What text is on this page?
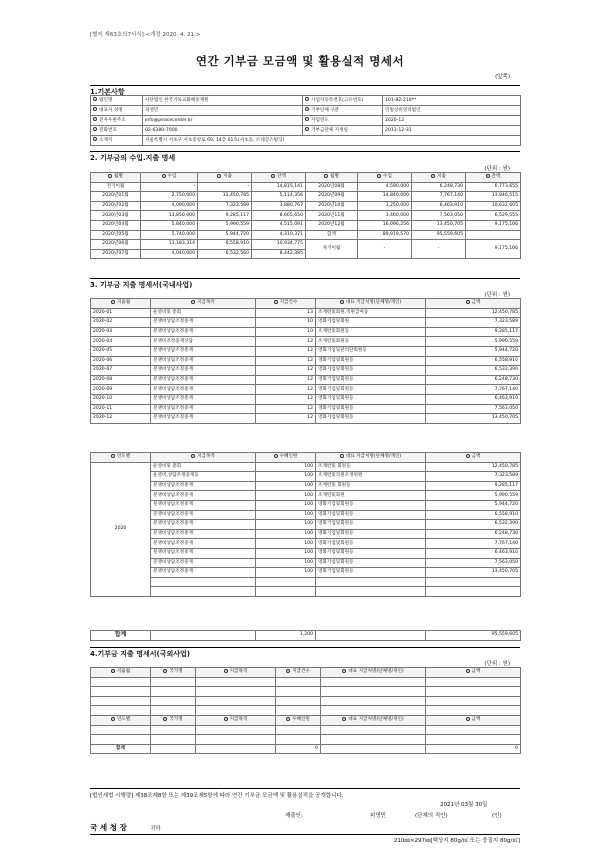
[별지 제63호의7서식] <개정 2020. 4. 21.>
연간 기부금 모금액 및 활용실적 명세서
(앞쪽)
1.기본사항
법인명	사단법인 한국기독교화해중재원	사업자등록번호(고유번호)	101-82-210**
대표자 성명	피영민	기부단체 구분	민법상비영리법인
전자우편주소	info@peacecenter.kr	사업연도	2020-12
전화번호	02-6380-7000	기부금단체 지정일	2013-12-31
소재지	서울특별시 서초구 서초중앙로 69, 14층 01호(서초동, 르네상스빌딩)		
2. 기부금의 수입.지출 명세
(단위 : 원)
월별	수입	지출	잔액	월별	수입	지출	잔액
전기이월	-	-	14,815,141	2020년08월	4,590,000	6,248,730	6,773,655
2020년01월	2,750,000	13,450,785	5,114,356	2020년09월	14,840,000	7,767,140	13,846,515
2020년02월	4,090,000	7,323,589	3,880,767	2020년10월	3,250,000	6,463,910	10,632,605
2020년03월	13,850,000	9,285,117	8,665,650	2020년11월	3,460,000	7,563,050	6,529,555
2020년04월	5,840,000	5,990,559	4,515,091	2020년12월	16,096,256	13,450,705	9,175,106
2020년05월	5,740,000	5,944,720	4,310,371	합계	89,919,570	95,559,605	
2020년06월	13,183,314	6,558,910	10,934,775	차기이월	-	-	9,175,106
2020년07월	4,040,000	6,532,560	8,442,385				
3. 기부금 지출 명세서(국내사업)
(단위 : 원)
지출월	지급목적	지급건수	대표 지급처명(단체명/개인)	금액
2020-01	운영비및 총회	13	조재련및회원,직원급여등	12,450,785
2020-02	분쟁비상담조정중재	10	영화기업및회원	7,323,589
2020-03	분쟁비상담조정중재	10	조재련및회원등	9,285,117
2020-04	분쟁비조정중재상담	12	조재련및회원등	5,990,559
2020-05	분쟁비상담조정중재	12	영화기업및관리단회원등	5,944,720
2020-06	분쟁비상담조정중재	12	영화기업및회원등	6,558,910
2020-07	분쟁비상담조정중재	12	영화기업및회원등	6,532,390
2020-08	분쟁비상담조정중재	12	영화기업및회원등	6,248,730
2020-09	분쟁비상담조정중재	12	영화기업및회원등	7,767,140
2020-10	분쟁비상담조정중재	12	영화기업및회원등	6,463,910
2020-11	분쟁비상담조정중재	12	영화기업및회원등	7,563,050
2020-12	분쟁비상담조정중재	12	영화기업및회원등	13,450,705
연도별	지급목적	수혜인원	대표 지급처명(단체명/개인)	금액
2020	운영비및 총회	100	조재련및 회원등	12,450,785
	운영비,상담조정중재등	100	조재련및직원조정위원	7,323,589
	분쟁비상담조정중재	100	조재련및 회원등	9,285,117
	분쟁비상담조정중재	100	조재련및회원	5,990,559
	분쟁비상담조정중재	100	영화기업및회원등	5,944,720
	분쟁비상담조정중재	100	영화기업및회원등	6,558,910
	분쟁비상담조정중재	100	영화기업및회원등	6,532,390
	분쟁비상담조정중재	100	영화기업및회원등	6,248,730
	분쟁비상담조정중재	100	영화기업및회원등	7,767,140
	분쟁비상담조정중재	100	영화기업및회원등	6,463,910
	분쟁비상담조정중재	100	영화기업및회원등	7,563,050
	분쟁비상담조정중재	100	영화기업및회원등	13,450,705

합계		1,200		95,559,605
4.기부금 지출 명세서(국외사업)
(단위 : 원)
지출월	국가명	지급목적	지급건수	대표 지급처명(단체명/개인)	금액

연도별	국가명	지급목적	수혜인원	대표 지급처명(단체명/개인)	금액

합계			0		0
[법인세법 시행령] 제38조제8항 또는 제39조제5항에 따라 연간 기부금 모금액 및 활용실적을 공개합니다.
2021년 03월 30일
제출인:	피영민	(단체의 직인)	(인)
국 세 청 장	귀하
210㎜×297㎜[백상지 80g/㎡ 또는 중질지 80g/㎡]
